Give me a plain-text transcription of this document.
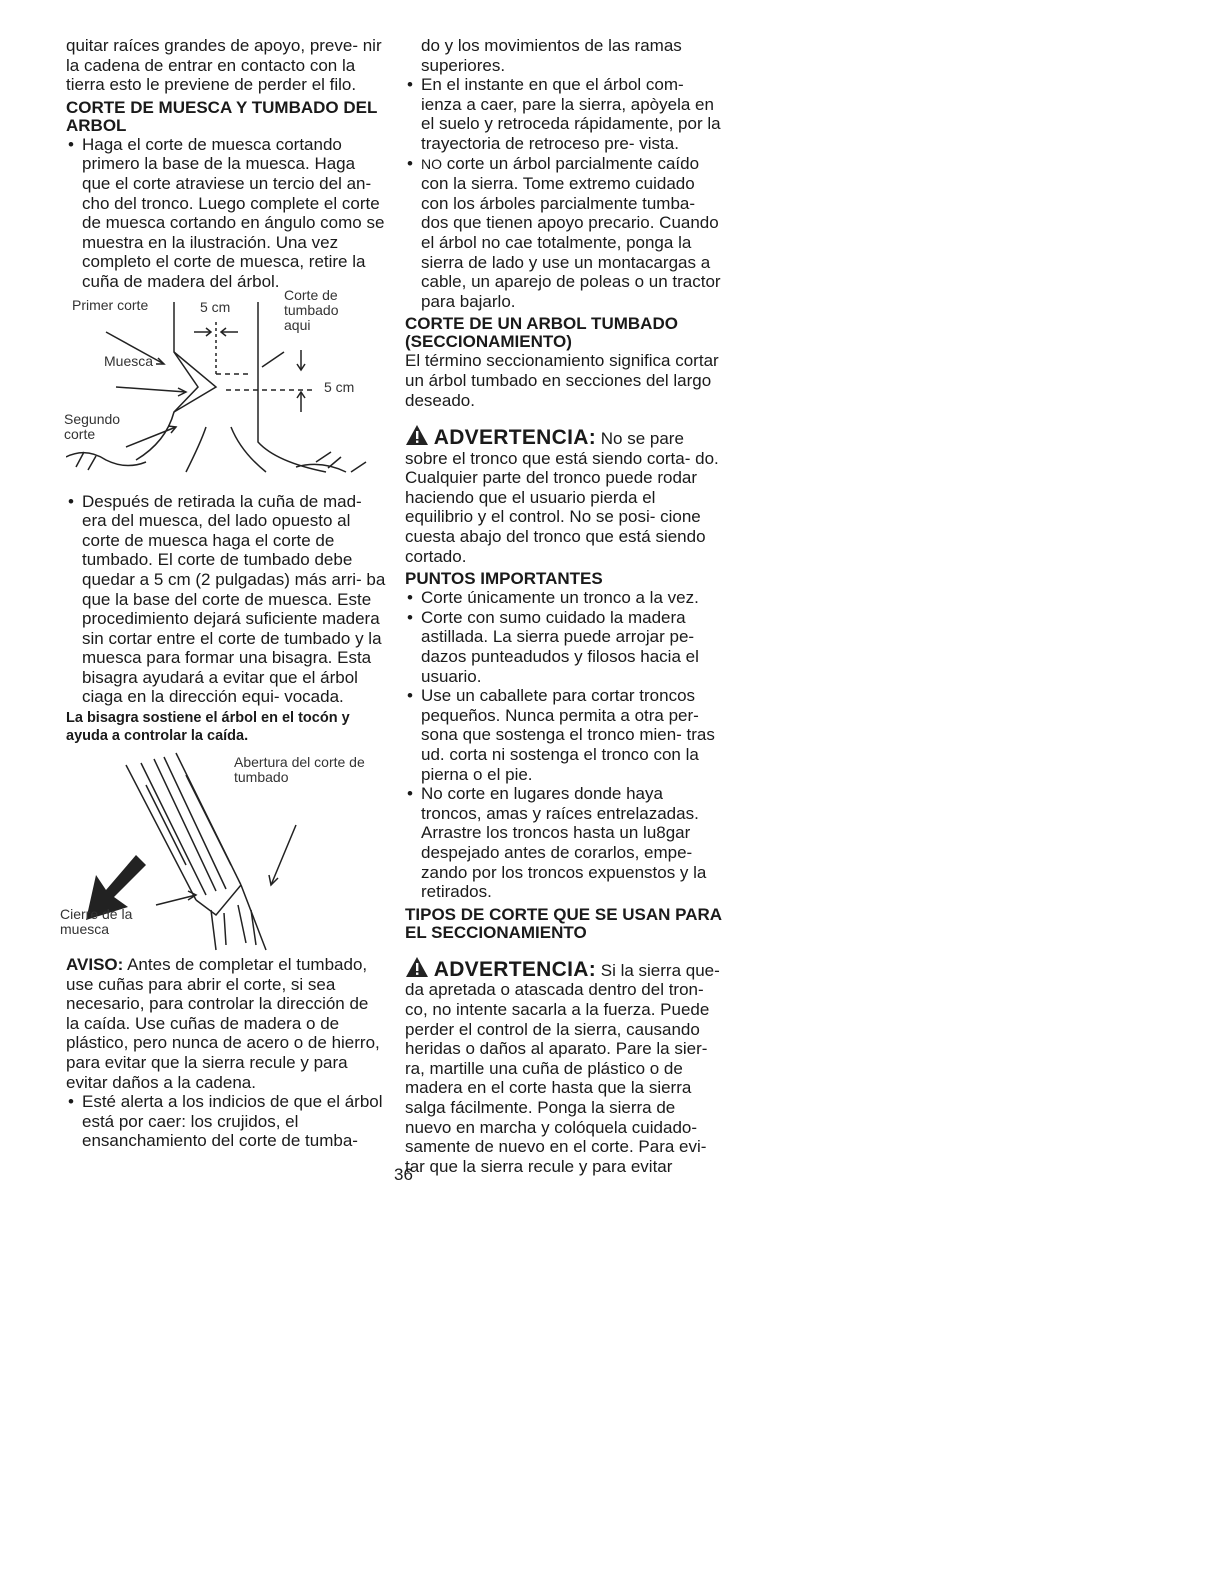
quitar raíces grandes de apoyo, preve- nir la cadena de entrar en contacto con la tierra esto le previene de perder el filo.

CORTE DE MUESCA Y TUMBADO DEL ARBOL
• Haga el corte de muesca cortando primero la base de la muesca. Haga que el corte atraviese un tercio del an- cho del tronco. Luego complete el corte de muesca cortando en ángulo como se muestra en la ilustración. Una vez completo el corte de muesca, retire la cuña de madera del árbol.
Primer corte	5 cm
Corte de tumbado aqui
Muesca
5 cm
Segundo corte
• Después de retirada la cuña de mad- era del muesca, del lado opuesto al corte de muesca haga el corte de tumbado. El corte de tumbado debe quedar a 5 cm (2 pulgadas) más arri- ba que la base del corte de muesca. Este procedimiento dejará suficiente madera sin cortar entre el corte de tumbado y la muesca para formar una bisagra. Esta bisagra ayudará a evitar que el árbol ciaga en la dirección equi- vocada.

La bisagra sostiene el árbol en el tocón y ayuda a controlar la caída.

Abertura del corte de tumbado
Cierre de la muesca

AVISO: Antes de completar el tumbado, use cuñas para abrir el corte, si sea necesario, para controlar la dirección de la caída. Use cuñas de madera o de plástico, pero nunca de acero o de hierro, para evitar que la sierra recule y para evitar daños a la cadena.

• Esté alerta a los indicios de que el árbol está por caer: los crujidos, el ensanchamiento del corte de tumba-

do y los movimientos de las ramas superiores.

• En el instante en que el árbol com- ienza a caer, pare la sierra, apòyela en el suelo y retroceda rápidamente, por la trayectoria de retroceso pre- vista.
• NO corte un árbol parcialmente caído con la sierra. Tome extremo cuidado con los árboles parcialmente tumba- dos que tienen apoyo precario. Cuando el árbol no cae totalmente, ponga la sierra de lado y use un montacargas a cable, un aparejo de poleas o un tractor para bajarlo.
CORTE DE UN ARBOL TUMBADO (SECCIONAMIENTO)

El término seccionamiento significa cortar un árbol tumbado en secciones del largo deseado.

ADVERTENCIA: No se pare sobre el tronco que está siendo corta- do. Cualquier parte del tronco puede rodar haciendo que el usuario pierda el equilibrio y el control. No se posi- cione cuesta abajo del tronco que está siendo cortado.

PUNTOS IMPORTANTES
• Corte únicamente un tronco a la vez.
• Corte con sumo cuidado la madera astillada. La sierra puede arrojar pe- dazos punteadudos y filosos hacia el usuario.
• Use un caballete para cortar troncos pequeños. Nunca permita a otra per- sona que sostenga el tronco mien- tras ud. corta ni sostenga el tronco con la pierna o el pie.
• No corte en lugares donde haya troncos, amas y raíces entrelazadas. Arrastre los troncos hasta un lu8gar despejado antes de corarlos, empe- zando por los troncos expuenstos y la retirados.
TIPOS DE CORTE QUE SE USAN PARA EL SECCIONAMIENTO

ADVERTENCIA: Si la sierra que- da apretada o atascada dentro del tron- co, no intente sacarla a la fuerza. Puede perder el control de la sierra, causando heridas o daños al aparato. Pare la sier- ra, martille una cuña de plástico o de madera en el corte hasta que la sierra salga fácilmente. Ponga la sierra de nuevo en marcha y colóquela cuidado- samente de nuevo en el corte. Para evi- tar que la sierra recule y para evitar

36
